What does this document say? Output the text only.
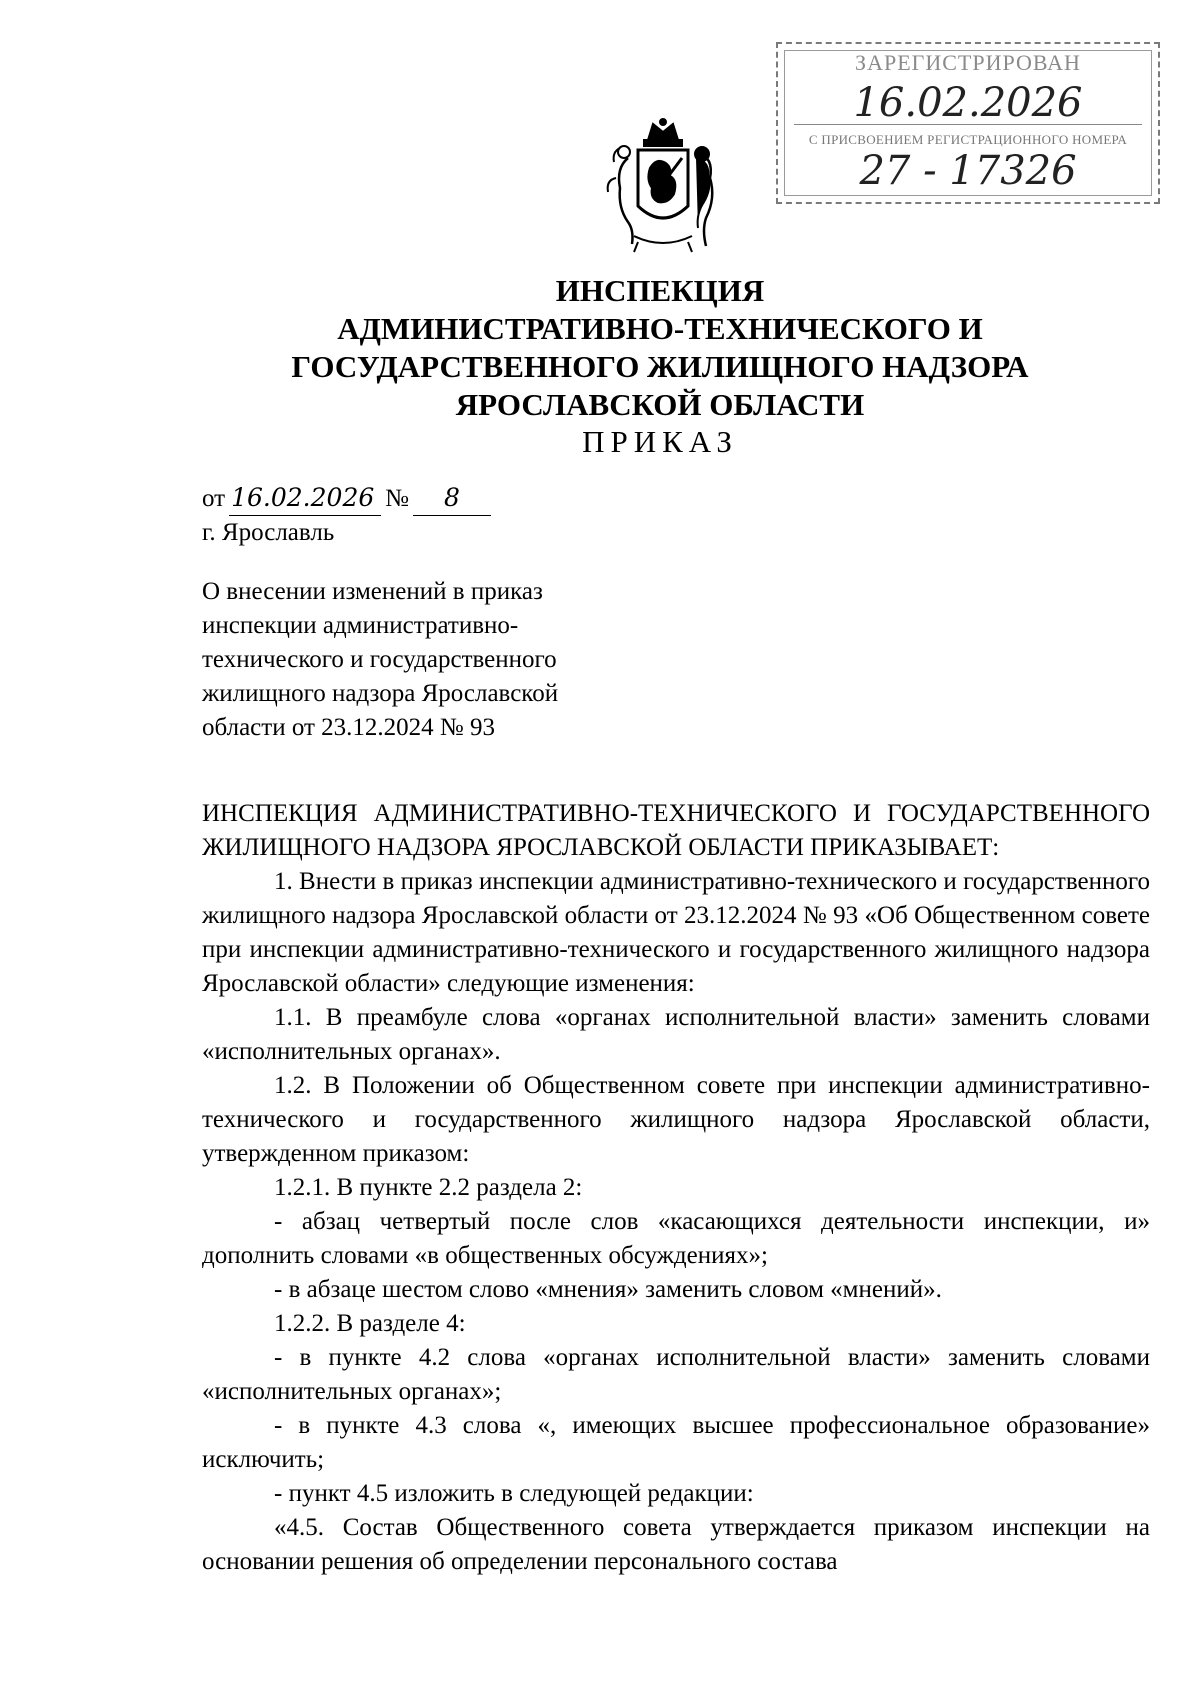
ЗАРЕГИСТРИРОВАН
16.02.2026
С ПРИСВОЕНИЕМ РЕГИСТРАЦИОННОГО НОМЕРА
27 - 17326
ИНСПЕКЦИЯ
АДМИНИСТРАТИВНО-ТЕХНИЧЕСКОГО И
ГОСУДАРСТВЕННОГО ЖИЛИЩНОГО НАДЗОРА
ЯРОСЛАВСКОЙ ОБЛАСТИ
ПРИКАЗ
от 16.02.2026 № 8
г. Ярославль
О внесении изменений в приказ инспекции административно-технического и государственного жилищного надзора Ярославской области от 23.12.2024 № 93

ИНСПЕКЦИЯ АДМИНИСТРАТИВНО-ТЕХНИЧЕСКОГО И ГОСУДАРСТВЕННОГО ЖИЛИЩНОГО НАДЗОРА ЯРОСЛАВСКОЙ ОБЛАСТИ ПРИКАЗЫВАЕТ:

1. Внести в приказ инспекции административно-технического и государственного жилищного надзора Ярославской области от 23.12.2024 № 93 «Об Общественном совете при инспекции административно-технического и государственного жилищного надзора Ярославской области» следующие изменения:

1.1. В преамбуле слова «органах исполнительной власти» заменить словами «исполнительных органах».

1.2. В Положении об Общественном совете при инспекции административно-технического и государственного жилищного надзора Ярославской области, утвержденном приказом:

1.2.1. В пункте 2.2 раздела 2:

- абзац четвертый после слов «касающихся деятельности инспекции, и» дополнить словами «в общественных обсуждениях»;

- в абзаце шестом слово «мнения» заменить словом «мнений».

1.2.2. В разделе 4:

- в пункте 4.2 слова «органах исполнительной власти» заменить словами «исполнительных органах»;

- в пункте 4.3 слова «, имеющих высшее профессиональное образование» исключить;

- пункт 4.5 изложить в следующей редакции:

«4.5. Состав Общественного совета утверждается приказом инспекции на основании решения об определении персонального состава
